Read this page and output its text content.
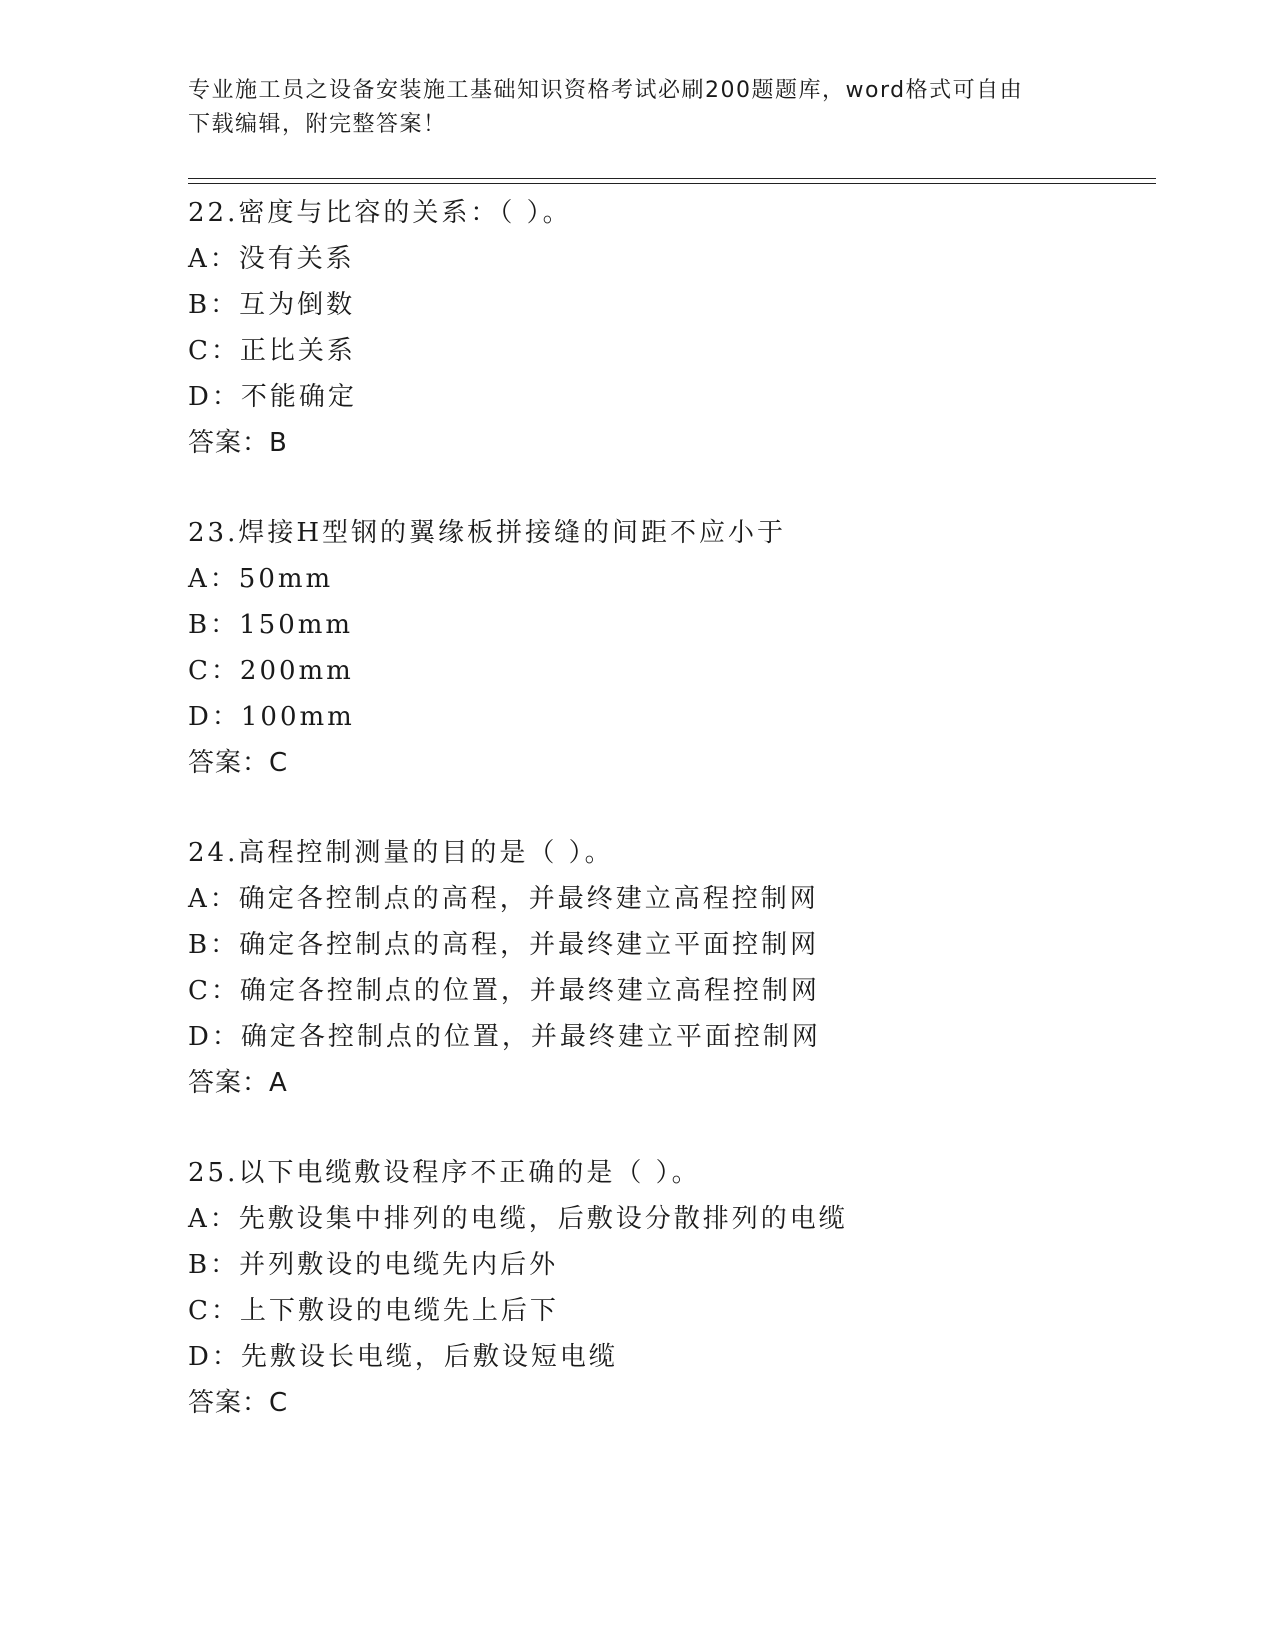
专业施工员之设备安装施工基础知识资格考试必刷200题题库，word格式可自由
下载编辑，附完整答案！
22.密度与比容的关系：（ ）。
A：没有关系
B：互为倒数
C：正比关系
D：不能确定
答案：B
23.焊接H型钢的翼缘板拼接缝的间距不应小于
A：50mm
B：150mm
C：200mm
D：100mm
答案：C
24.高程控制测量的目的是（ ）。
A：确定各控制点的高程，并最终建立高程控制网
B：确定各控制点的高程，并最终建立平面控制网
C：确定各控制点的位置，并最终建立高程控制网
D：确定各控制点的位置，并最终建立平面控制网
答案：A
25.以下电缆敷设程序不正确的是（ ）。
A：先敷设集中排列的电缆，后敷设分散排列的电缆
B：并列敷设的电缆先内后外
C：上下敷设的电缆先上后下
D：先敷设长电缆，后敷设短电缆
答案：C
